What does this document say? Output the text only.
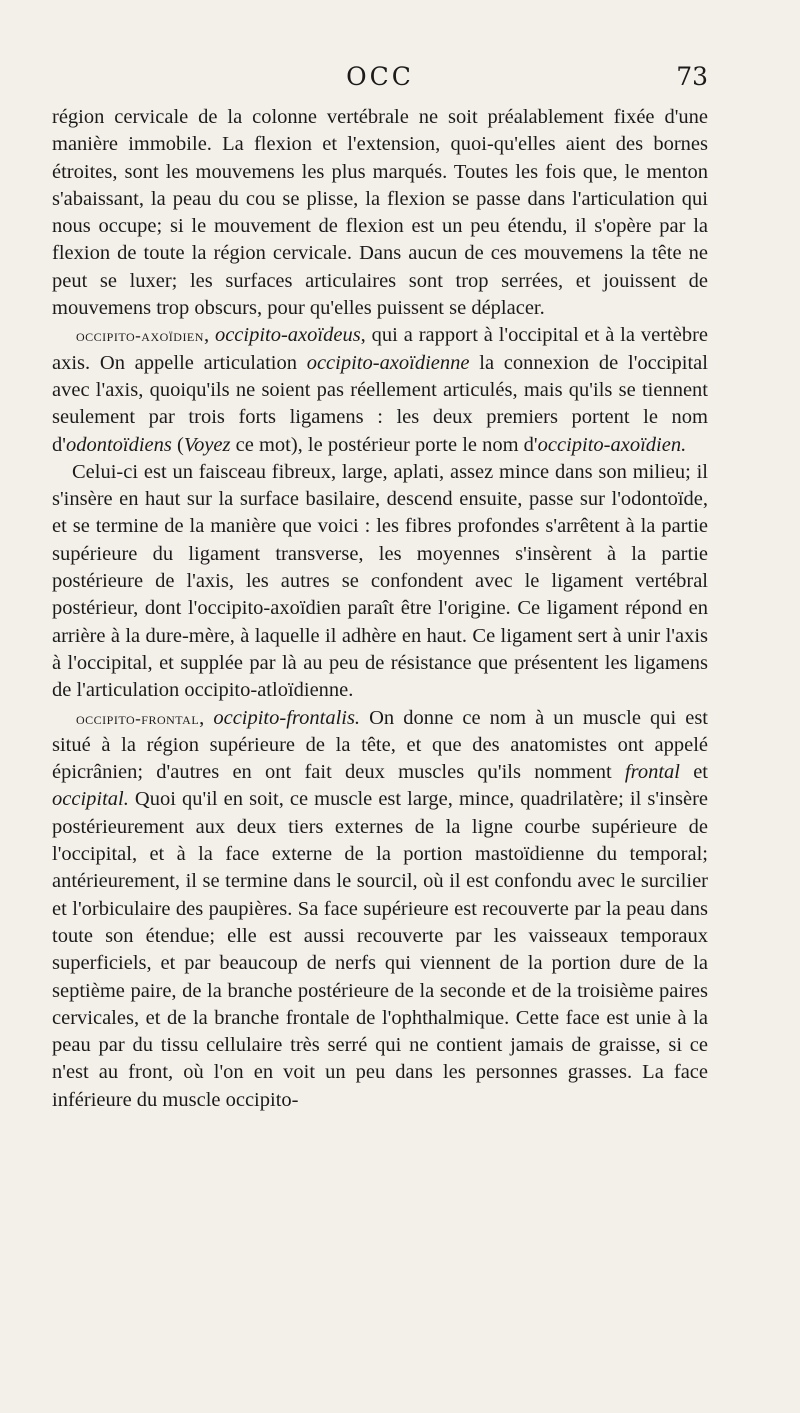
OCC	73

région cervicale de la colonne vertébrale ne soit préalablement fixée d'une manière immobile. La flexion et l'extension, quoi-qu'elles aient des bornes étroites, sont les mouvemens les plus marqués. Toutes les fois que, le menton s'abaissant, la peau du cou se plisse, la flexion se passe dans l'articulation qui nous occupe; si le mouvement de flexion est un peu étendu, il s'opère par la flexion de toute la région cervicale. Dans aucun de ces mouvemens la tête ne peut se luxer; les surfaces articulaires sont trop serrées, et jouissent de mouvemens trop obscurs, pour qu'elles puissent se déplacer.

occipito-axoïdien, occipito-axoïdeus, qui a rapport à l'occipital et à la vertèbre axis. On appelle articulation occipito-axoïdienne la connexion de l'occipital avec l'axis, quoiqu'ils ne soient pas réellement articulés, mais qu'ils se tiennent seulement par trois forts ligamens : les deux premiers portent le nom d'odontoïdiens (Voyez ce mot), le postérieur porte le nom d'occipito-axoïdien.

Celui-ci est un faisceau fibreux, large, aplati, assez mince dans son milieu; il s'insère en haut sur la surface basilaire, descend ensuite, passe sur l'odontoïde, et se termine de la manière que voici : les fibres profondes s'arrêtent à la partie supérieure du ligament transverse, les moyennes s'insèrent à la partie postérieure de l'axis, les autres se confondent avec le ligament vertébral postérieur, dont l'occipito-axoïdien paraît être l'origine. Ce ligament répond en arrière à la dure-mère, à laquelle il adhère en haut. Ce ligament sert à unir l'axis à l'occipital, et supplée par là au peu de résistance que présentent les ligamens de l'articulation occipito-atloïdienne.

occipito-frontal, occipito-frontalis. On donne ce nom à un muscle qui est situé à la région supérieure de la tête, et que des anatomistes ont appelé épicrânien; d'autres en ont fait deux muscles qu'ils nomment frontal et occipital. Quoi qu'il en soit, ce muscle est large, mince, quadrilatère; il s'insère postérieurement aux deux tiers externes de la ligne courbe supérieure de l'occipital, et à la face externe de la portion mastoïdienne du temporal; antérieurement, il se termine dans le sourcil, où il est confondu avec le surcilier et l'orbiculaire des paupières. Sa face supérieure est recouverte par la peau dans toute son étendue; elle est aussi recouverte par les vaisseaux temporaux superficiels, et par beaucoup de nerfs qui viennent de la portion dure de la septième paire, de la branche postérieure de la seconde et de la troisième paires cervicales, et de la branche frontale de l'ophthalmique. Cette face est unie à la peau par du tissu cellulaire très serré qui ne contient jamais de graisse, si ce n'est au front, où l'on en voit un peu dans les personnes grasses. La face inférieure du muscle occipito-
